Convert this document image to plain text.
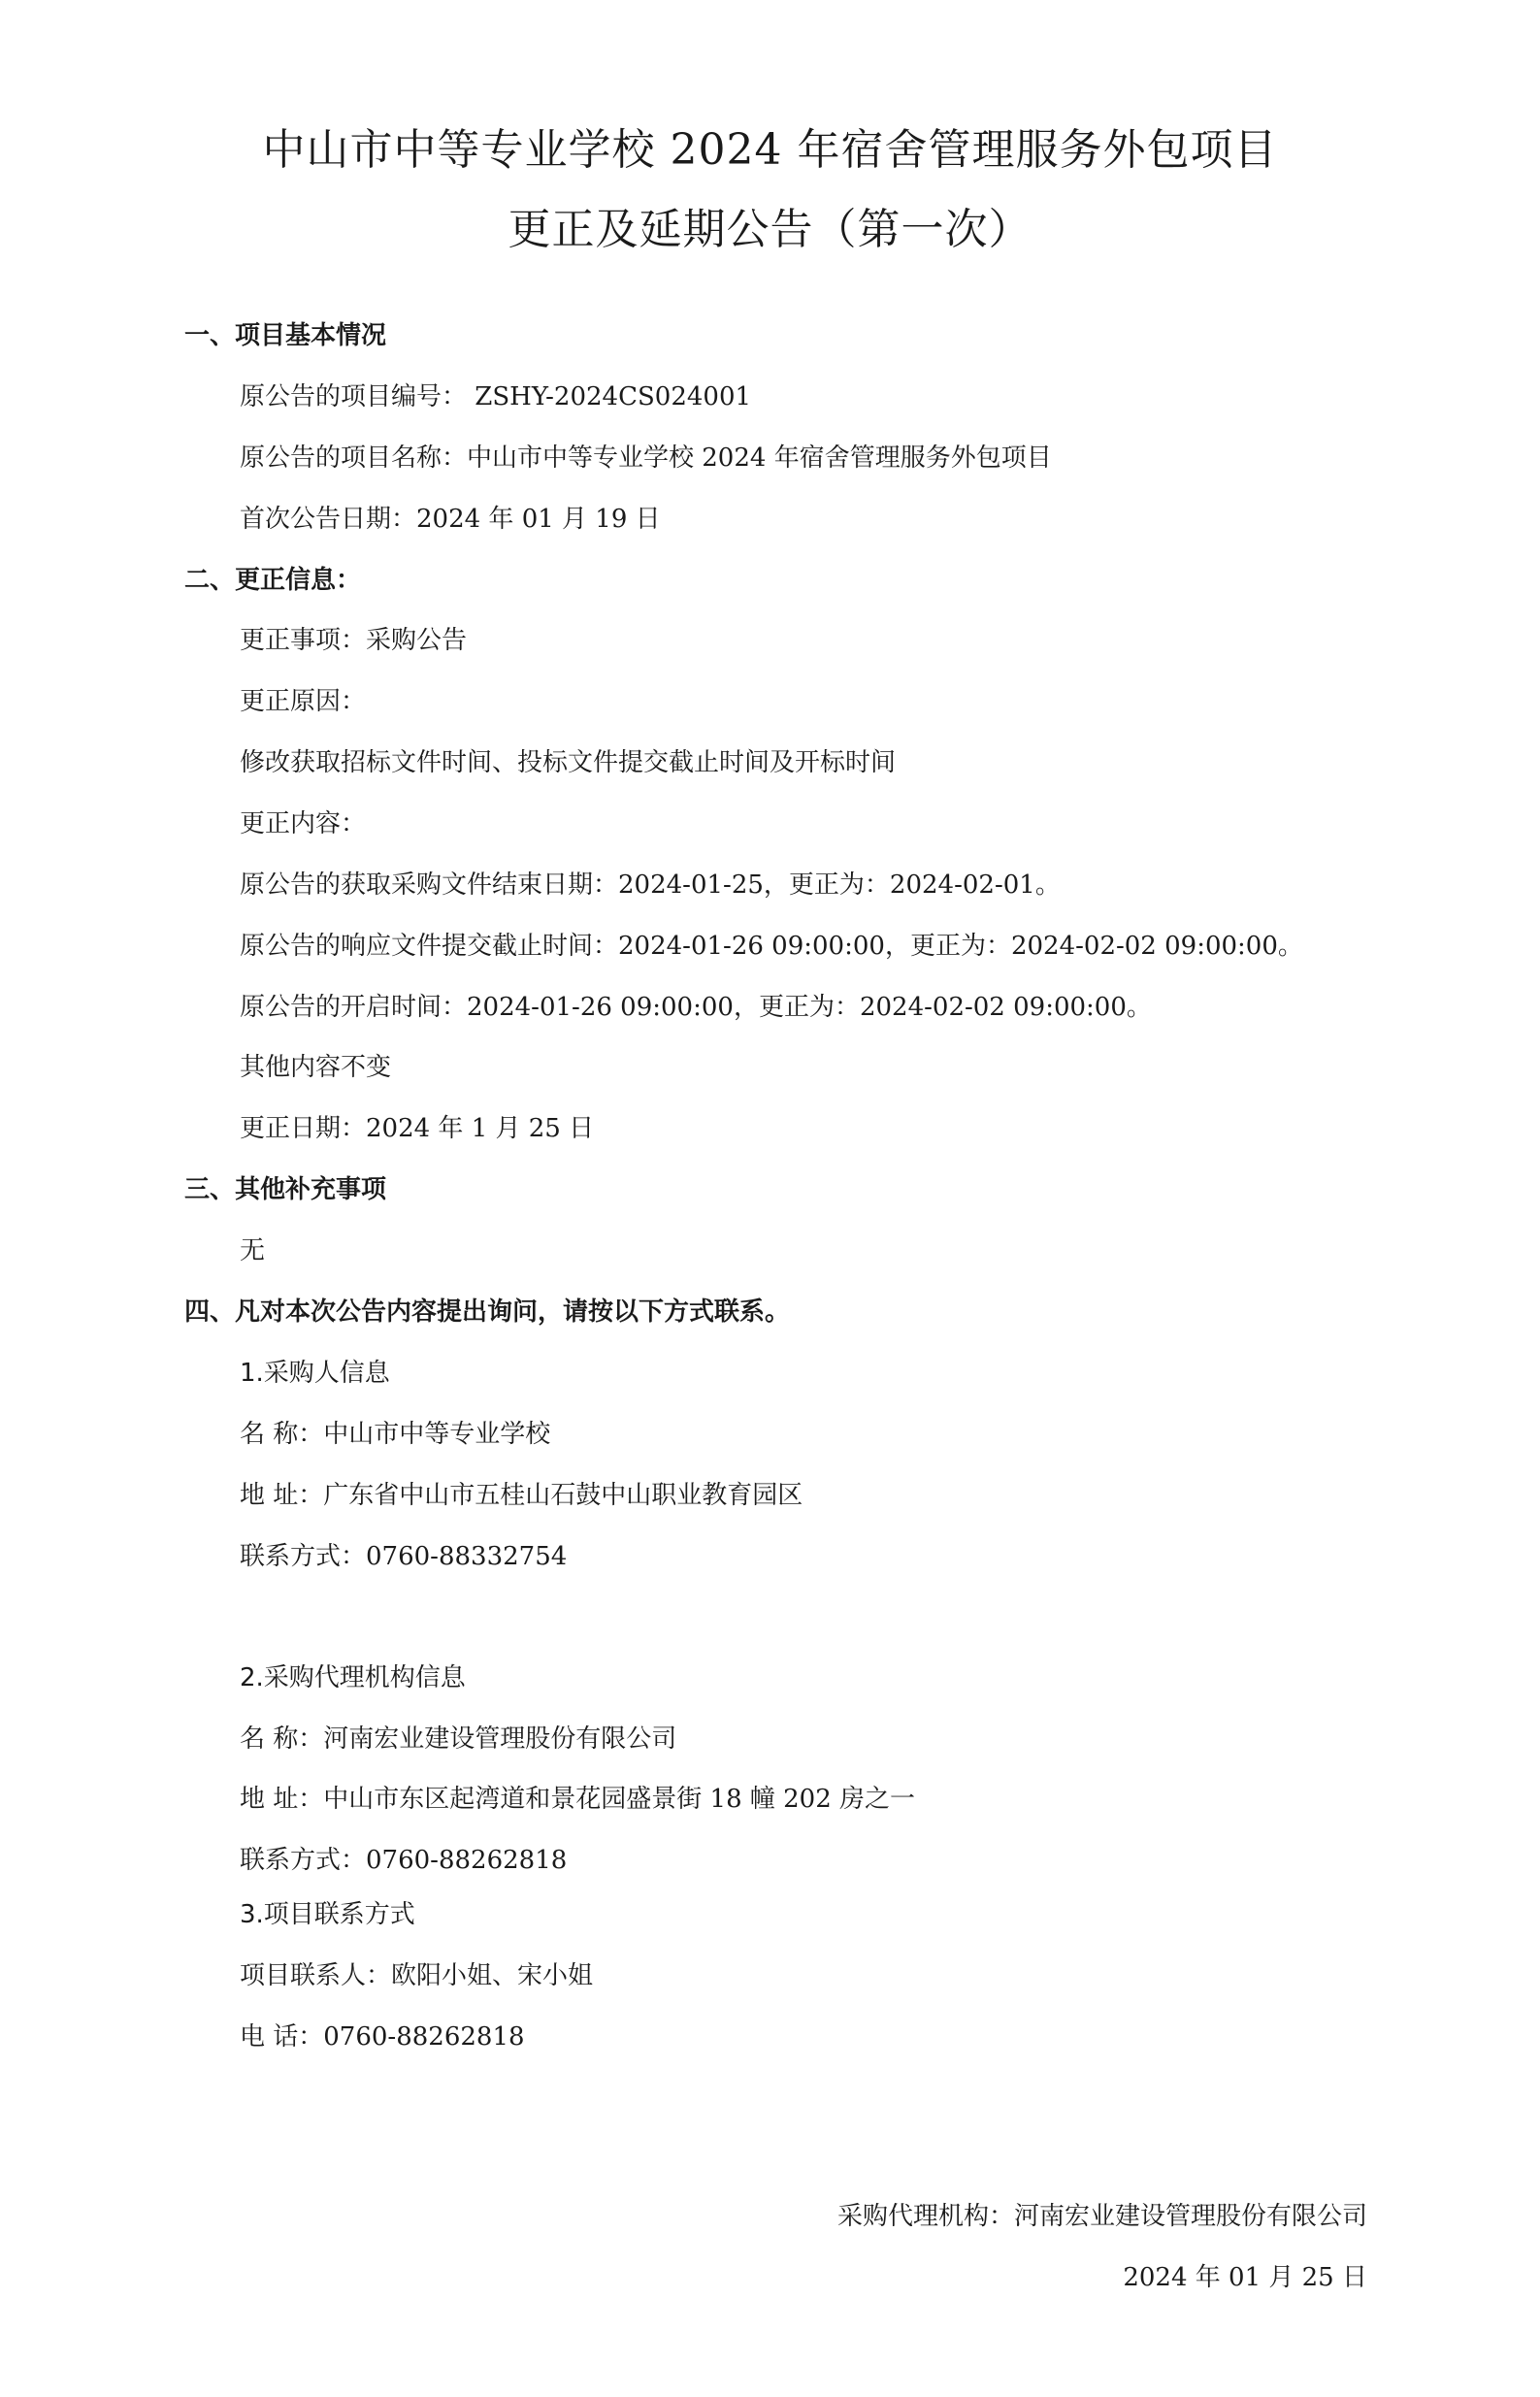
中山市中等专业学校 2024 年宿舍管理服务外包项目
更正及延期公告（第一次）
一、项目基本情况
原公告的项目编号： ZSHY-2024CS024001
原公告的项目名称：中山市中等专业学校 2024 年宿舍管理服务外包项目
首次公告日期：2024 年 01 月 19 日
二、更正信息：
更正事项：采购公告
更正原因：
修改获取招标文件时间、投标文件提交截止时间及开标时间
更正内容：
原公告的获取采购文件结束日期：2024-01-25，更正为：2024-02-01。
原公告的响应文件提交截止时间：2024-01-26 09:00:00，更正为：2024-02-02 09:00:00。
原公告的开启时间：2024-01-26 09:00:00，更正为：2024-02-02 09:00:00。
其他内容不变
更正日期：2024 年 1 月 25 日
三、其他补充事项
无
四、凡对本次公告内容提出询问，请按以下方式联系。
1.采购人信息
名 称：中山市中等专业学校
地 址：广东省中山市五桂山石鼓中山职业教育园区
联系方式：0760-88332754
2.采购代理机构信息
名 称：河南宏业建设管理股份有限公司
地 址：中山市东区起湾道和景花园盛景街 18 幢 202 房之一
联系方式：0760-88262818
3.项目联系方式
项目联系人：欧阳小姐、宋小姐
电 话：0760-88262818
采购代理机构：河南宏业建设管理股份有限公司
2024 年 01 月 25 日
